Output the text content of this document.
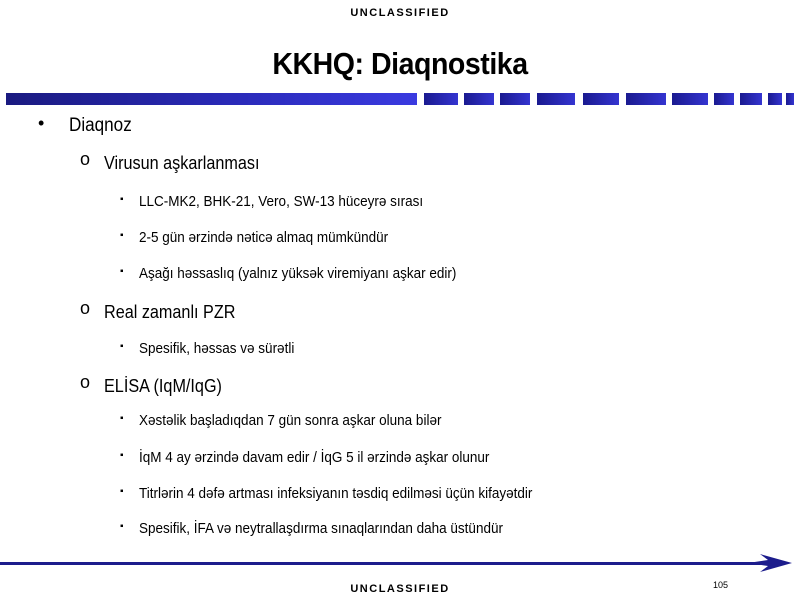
UNCLASSIFIED
KKHQ: Diaqnostika
• Diaqnoz
o Virusun aşkarlanması
▪ LLC-MK2, BHK-21, Vero, SW-13 hüceyrə sırası
▪ 2-5 gün ərzində nəticə almaq mümkündür
▪ Aşağı həssaslıq (yalnız yüksək viremiyanı aşkar edir)
o Real zamanlı PZR
▪ Spesifik, həssas və sürətli
o ELİSA (IqM/IqG)
▪ Xəstəlik başladıqdan 7 gün sonra aşkar oluna bilər
▪ İqM 4 ay ərzində davam edir / İqG 5 il ərzində aşkar olunur
▪ Titrlərin 4 dəfə artması infeksiyanın təsdiq edilməsi üçün kifayətdir
▪ Spesifik, İFA və neytrallaşdırma sınaqlarından daha üstündür
105
UNCLASSIFIED
